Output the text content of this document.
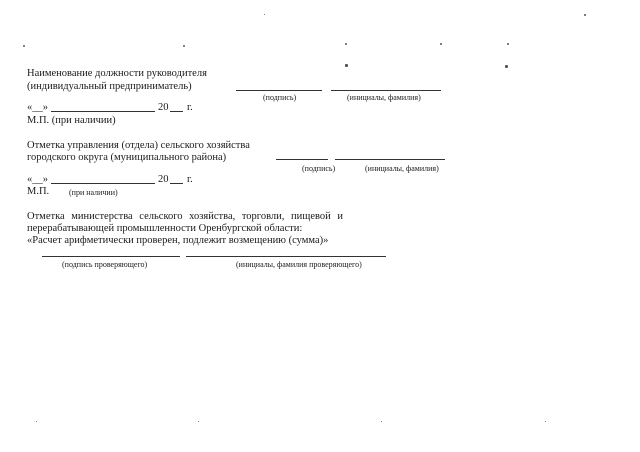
Наименование должности руководителя
(индивидуальный предприниматель)
(подпись)	(инициалы, фамилия)
«__»	20 г.
М.П. (при наличии)
Отметка управления (отдела) сельского хозяйства
городского округа (муниципального района)
(подпись)	(инициалы, фамилия)
«__»	20 г.
М.П. (при наличии)
Отметка министерства сельского хозяйства, торговли, пищевой и
перерабатывающей промышленности Оренбургской области:
«Расчет арифметически проверен, подлежит возмещению (сумма)»
(подпись проверяющего)	(инициалы, фамилия проверяющего)
